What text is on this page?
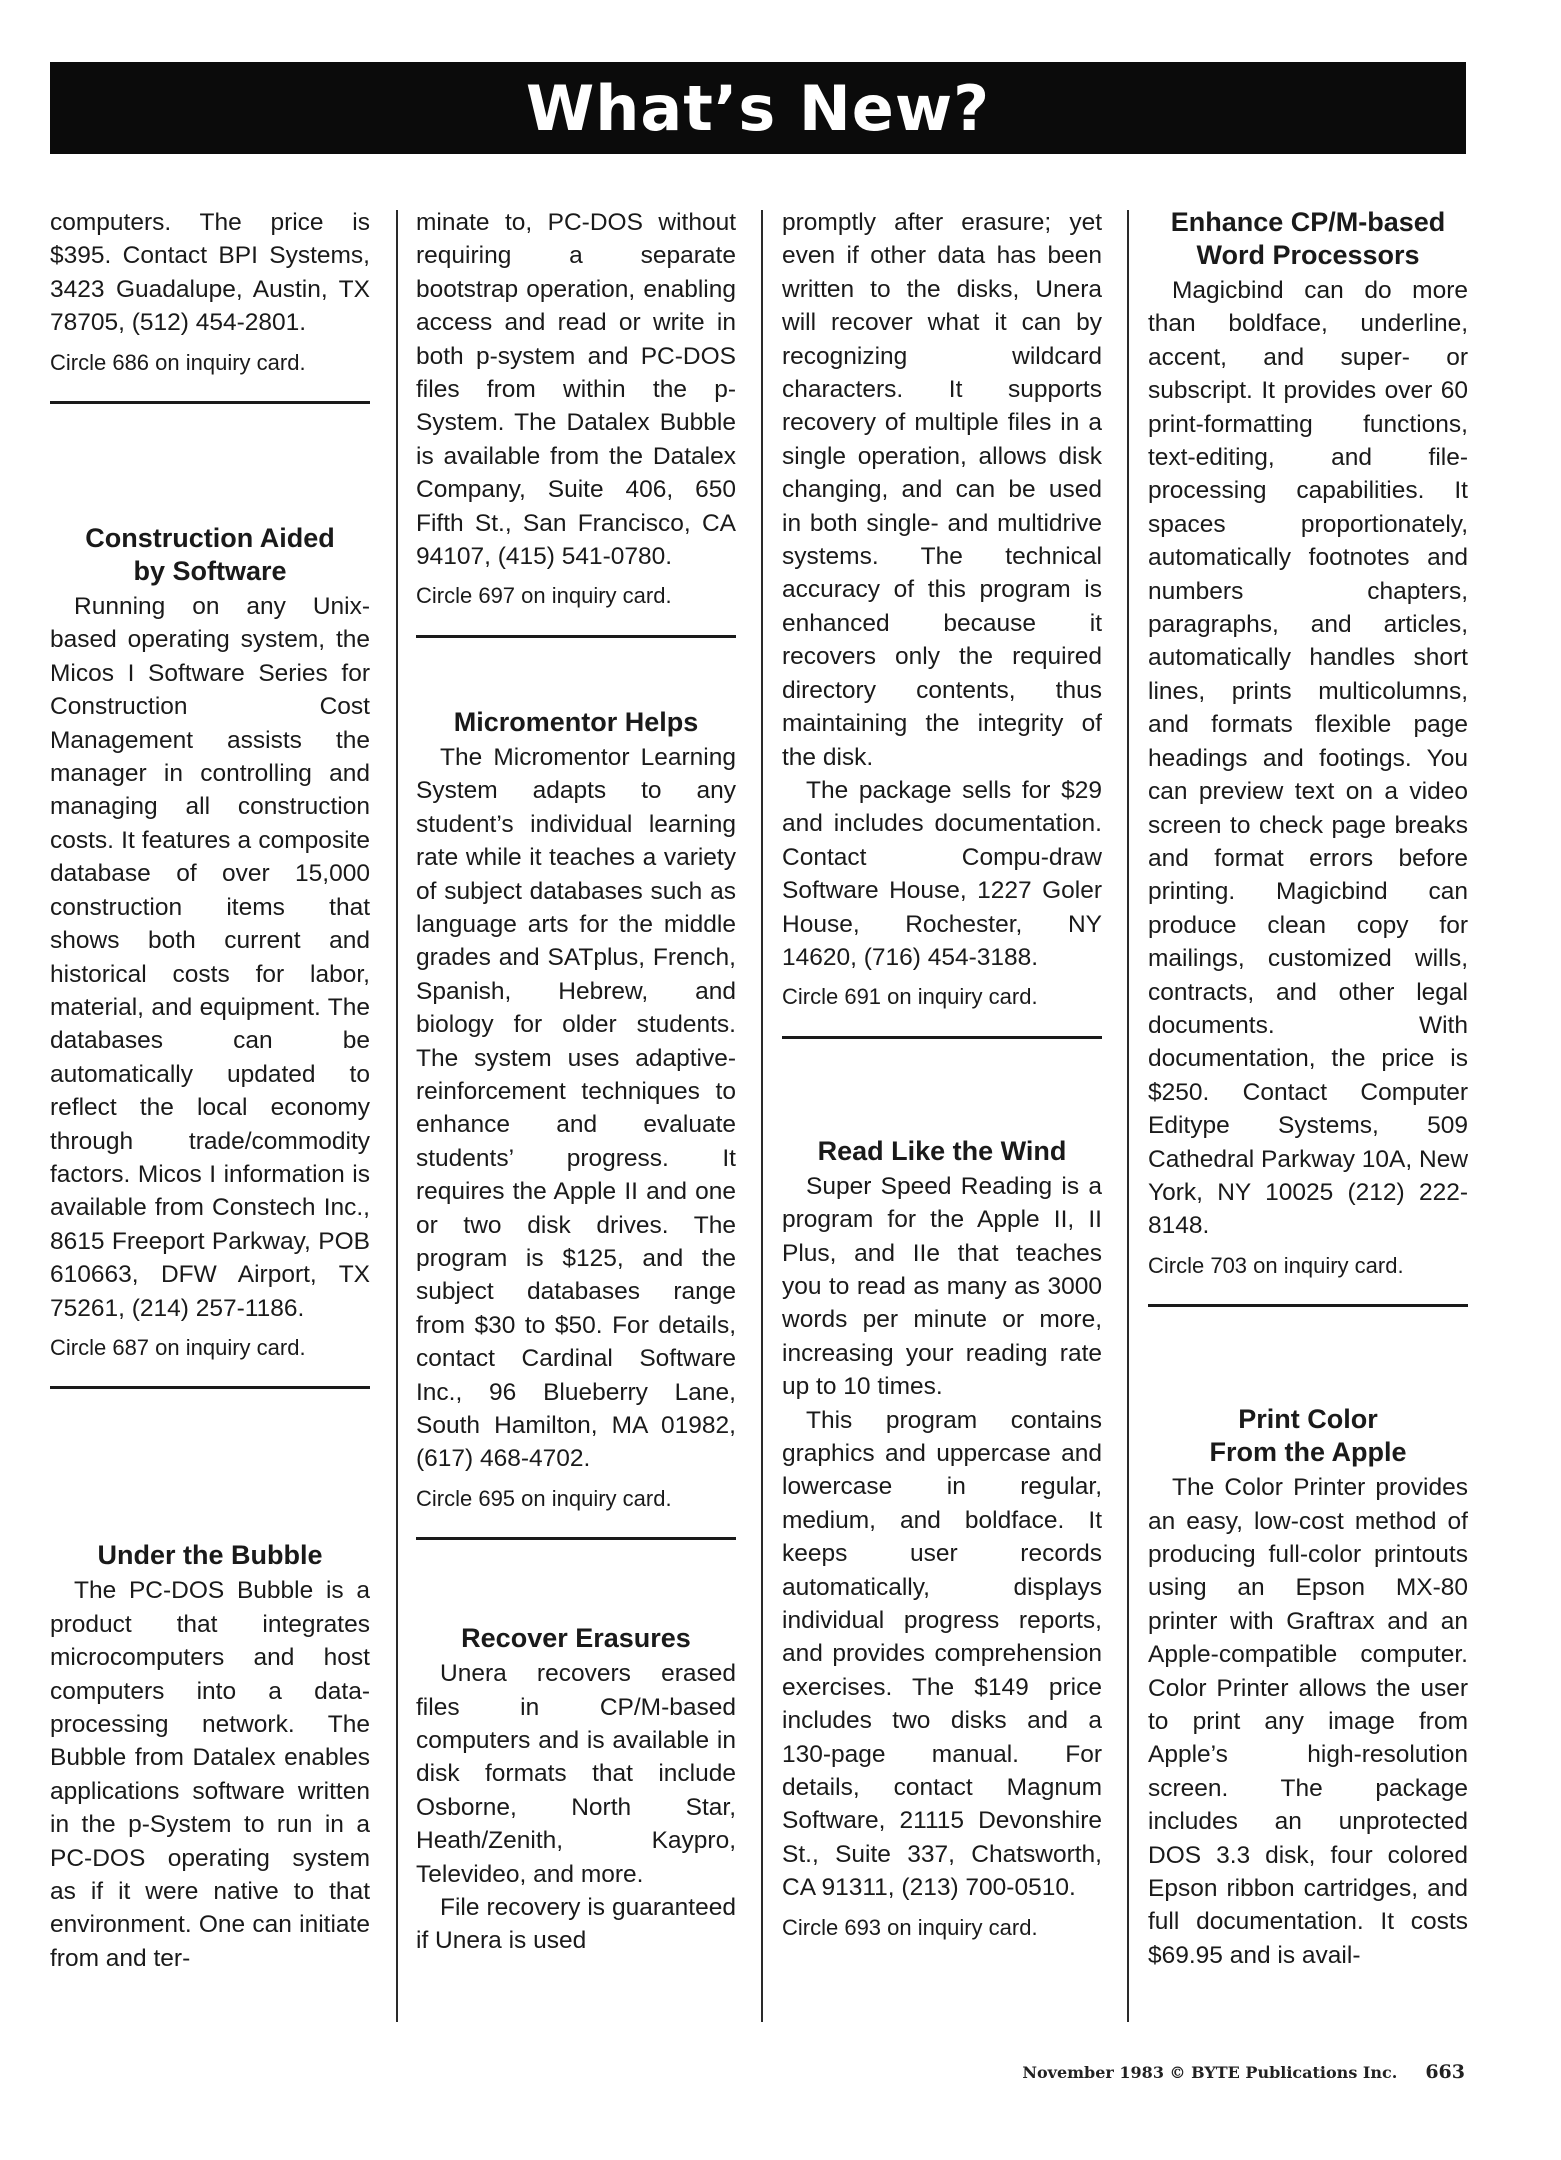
What’s New?

computers. The price is $395. Contact BPI Systems, 3423 Guadalupe, Austin, TX 78705, (512) 454-2801.

Circle 686 on inquiry card.

Construction Aided
by Software

Running on any Unix-based operating system, the Micos I Software Series for Construction Cost Management assists the manager in controlling and managing all construction costs. It features a composite database of over 15,000 construction items that shows both current and historical costs for labor, material, and equipment. The databases can be automatically updated to reflect the local economy through trade/commodity factors. Micos I information is available from Constech Inc., 8615 Freeport Parkway, POB 610663, DFW Airport, TX 75261, (214) 257-1186.

Circle 687 on inquiry card.

Under the Bubble

The PC-DOS Bubble is a product that integrates microcomputers and host computers into a data-processing network. The Bubble from Datalex enables applications software written in the p-System to run in a PC-DOS operating system as if it were native to that environment. One can initiate from and ter-

minate to, PC-DOS without requiring a separate bootstrap operation, enabling access and read or write in both p-system and PC-DOS files from within the p-System. The Datalex Bubble is available from the Datalex Company, Suite 406, 650 Fifth St., San Francisco, CA 94107, (415) 541-0780.

Circle 697 on inquiry card.

Micromentor Helps

The Micromentor Learning System adapts to any student’s individual learning rate while it teaches a variety of subject databases such as language arts for the middle grades and SATplus, French, Spanish, Hebrew, and biology for older students. The system uses adaptive-reinforcement techniques to enhance and evaluate students’ progress. It requires the Apple II and one or two disk drives. The program is $125, and the subject databases range from $30 to $50. For details, contact Cardinal Software Inc., 96 Blueberry Lane, South Hamilton, MA 01982, (617) 468-4702.

Circle 695 on inquiry card.

Recover Erasures

Unera recovers erased files in CP/M-based computers and is available in disk formats that include Osborne, North Star, Heath/Zenith, Kaypro, Televideo, and more.

File recovery is guaranteed if Unera is used

promptly after erasure; yet even if other data has been written to the disks, Unera will recover what it can by recognizing wildcard characters. It supports recovery of multiple files in a single operation, allows disk changing, and can be used in both single- and multidrive systems. The technical accuracy of this program is enhanced because it recovers only the required directory contents, thus maintaining the integrity of the disk.

The package sells for $29 and includes documentation. Contact Compu-draw Software House, 1227 Goler House, Rochester, NY 14620, (716) 454-3188.

Circle 691 on inquiry card.

Read Like the Wind

Super Speed Reading is a program for the Apple II, II Plus, and IIe that teaches you to read as many as 3000 words per minute or more, increasing your reading rate up to 10 times.

This program contains graphics and uppercase and lowercase in regular, medium, and boldface. It keeps user records automatically, displays individual progress reports, and provides comprehension exercises. The $149 price includes two disks and a 130-page manual. For details, contact Magnum Software, 21115 Devonshire St., Suite 337, Chatsworth, CA 91311, (213) 700-0510.

Circle 693 on inquiry card.

Enhance CP/M-based
Word Processors

Magicbind can do more than boldface, underline, accent, and super- or subscript. It provides over 60 print-formatting functions, text-editing, and file-processing capabilities. It spaces proportionately, automatically footnotes and numbers chapters, paragraphs, and articles, automatically handles short lines, prints multicolumns, and formats flexible page headings and footings. You can preview text on a video screen to check page breaks and format errors before printing. Magicbind can produce clean copy for mailings, customized wills, contracts, and other legal documents. With documentation, the price is $250. Contact Computer Editype Systems, 509 Cathedral Parkway 10A, New York, NY 10025 (212) 222-8148.

Circle 703 on inquiry card.

Print Color
From the Apple

The Color Printer provides an easy, low-cost method of producing full-color printouts using an Epson MX-80 printer with Graftrax and an Apple-compatible computer. Color Printer allows the user to print any image from Apple’s high-resolution screen. The package includes an unprotected DOS 3.3 disk, four colored Epson ribbon cartridges, and full documentation. It costs $69.95 and is avail-

November 1983 © BYTE Publications Inc. 663
